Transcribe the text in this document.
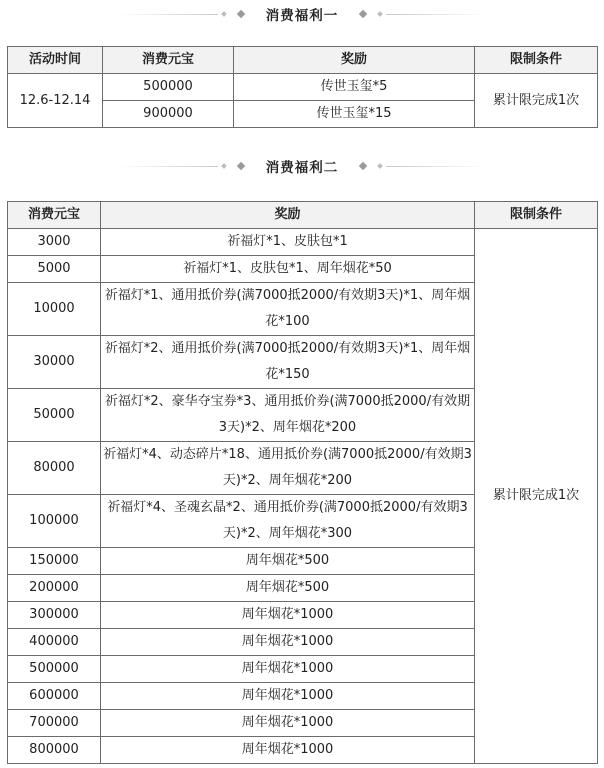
消费福利一
活动时间	消费元宝	奖励	限制条件
12.6-12.14	500000	传世玉玺*5	累计限完成1次
	900000	传世玉玺*15	
消费福利二
消费元宝	奖励	限制条件
3000	祈福灯*1、皮肤包*1	累计限完成1次
5000	祈福灯*1、皮肤包*1、周年烟花*50	
10000	祈福灯*1、通用抵价券(满7000抵2000/有效期3天)*1、周年烟花*100	
30000	祈福灯*2、通用抵价券(满7000抵2000/有效期3天)*1、周年烟花*150	
50000	祈福灯*2、豪华夺宝券*3、通用抵价券(满7000抵2000/有效期3天)*2、周年烟花*200	
80000	祈福灯*4、动态碎片*18、通用抵价券(满7000抵2000/有效期3天)*2、周年烟花*200	
100000	祈福灯*4、圣魂玄晶*2、通用抵价券(满7000抵2000/有效期3天)*2、周年烟花*300	
150000	周年烟花*500	
200000	周年烟花*500	
300000	周年烟花*1000	
400000	周年烟花*1000	
500000	周年烟花*1000	
600000	周年烟花*1000	
700000	周年烟花*1000	
800000	周年烟花*1000	
